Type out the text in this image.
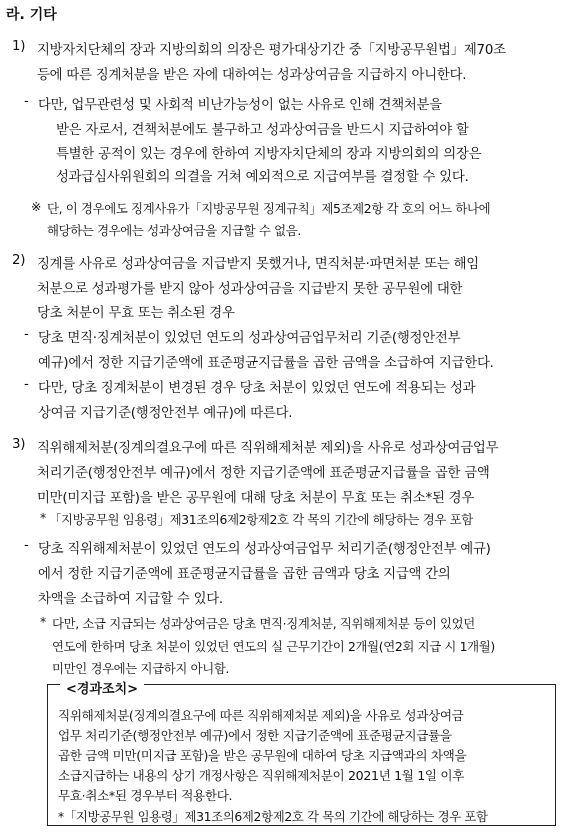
라. 기타
1) 지방자치단체의 장과 지방의회의 의장은 평가대상기간 중「지방공무원법」제70조
등에 따른 징계처분을 받은 자에 대하여는 성과상여금을 지급하지 아니한다.
- 다만, 업무관련성 및 사회적 비난가능성이 없는 사유로 인해 견책처분을
받은 자로서, 견책처분에도 불구하고 성과상여금을 반드시 지급하여야 할
특별한 공적이 있는 경우에 한하여 지방자치단체의 장과 지방의회의 의장은
성과급심사위원회의 의결을 거쳐 예외적으로 지급여부를 결정할 수 있다.
※ 단, 이 경우에도 징계사유가「지방공무원 징계규칙」제5조제2항 각 호의 어느 하나에
해당하는 경우에는 성과상여금을 지급할 수 없음.
2) 징계를 사유로 성과상여금을 지급받지 못했거나, 면직처분·파면처분 또는 해임
처분으로 성과평가를 받지 않아 성과상여금을 지급받지 못한 공무원에 대한
당초 처분이 무효 또는 취소된 경우
- 당초 면직·징계처분이 있었던 연도의 성과상여금업무처리 기준(행정안전부
예규)에서 정한 지급기준액에 표준평균지급률을 곱한 금액을 소급하여 지급한다.
- 다만, 당초 징계처분이 변경된 경우 당초 처분이 있었던 연도에 적용되는 성과
상여금 지급기준(행정안전부 예규)에 따른다.
3) 직위해제처분(징계의결요구에 따른 직위해제처분 제외)을 사유로 성과상여금업무
처리기준(행정안전부 예규)에서 정한 지급기준액에 표준평균지급률을 곱한 금액
미만(미지급 포함)을 받은 공무원에 대해 당초 처분이 무효 또는 취소*된 경우
* 「지방공무원 임용령」제31조의6제2항제2호 각 목의 기간에 해당하는 경우 포함
- 당초 직위해제처분이 있었던 연도의 성과상여금업무 처리기준(행정안전부 예규)
에서 정한 지급기준액에 표준평균지급률을 곱한 금액과 당초 지급액 간의
차액을 소급하여 지급할 수 있다.
* 다만, 소급 지급되는 성과상여금은 당초 면직·징계처분, 직위해제처분 등이 있었던
연도에 한하며 당초 처분이 있었던 연도의 실 근무기간이 2개월(연2회 지급 시 1개월)
미만인 경우에는 지급하지 아니함.
<경과조치>
직위해제처분(징계의결요구에 따른 직위해제처분 제외)을 사유로 성과상여금
업무 처리기준(행정안전부 예규)에서 정한 지급기준액에 표준평균지급률을
곱한 금액 미만(미지급 포함)을 받은 공무원에 대하여 당초 지급액과의 차액을
소급지급하는 내용의 상기 개정사항은 직위해제처분이 2021년 1월 1일 이후
무효·취소*된 경우부터 적용한다.
*「지방공무원 임용령」제31조의6제2항제2호 각 목의 기간에 해당하는 경우 포함
